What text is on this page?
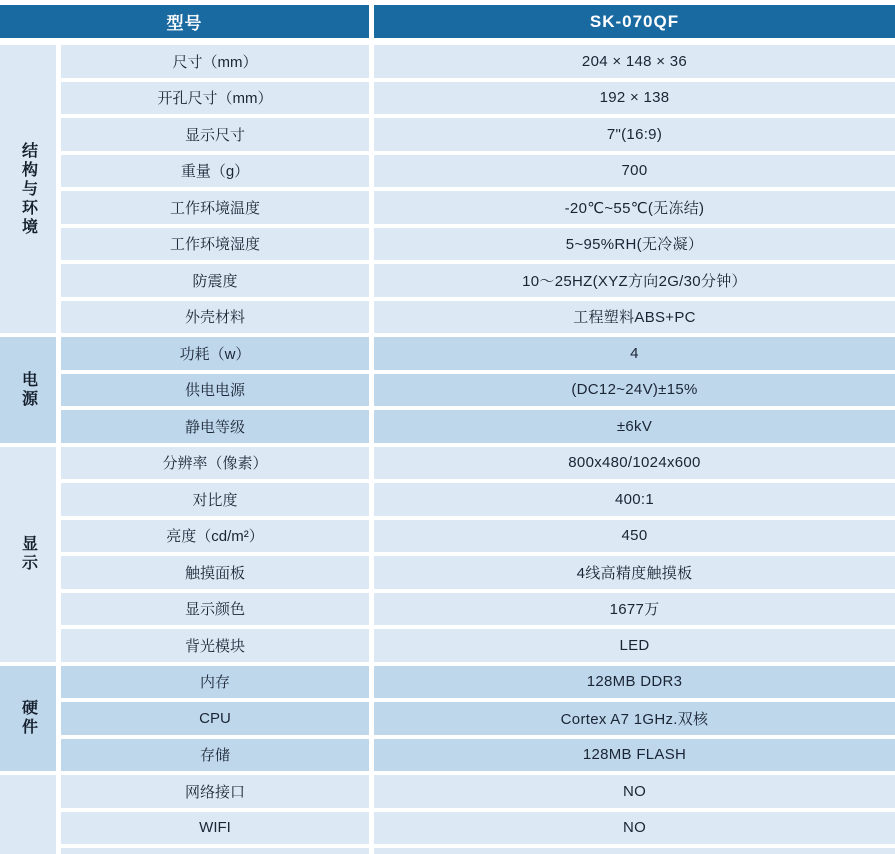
型号	SK-070QF
结构与环境
尺寸（mm）	204 × 148 × 36
开孔尺寸（mm）	192 × 138
显示尺寸	7"(16:9)
重量（g）	700
工作环境温度	-20℃~55℃(无冻结)
工作环境湿度	5~95%RH(无冷凝）
防震度	10～25HZ(XYZ方向2G/30分钟）
外壳材料	工程塑料ABS+PC
电源
功耗（w）	4
供电电源	(DC12~24V)±15%
静电等级	±6kV
显示
分辨率（像素）	800x480/1024x600
对比度	400:1
亮度（cd/m²）	450
触摸面板	4线高精度触摸板
显示颜色	1677万
背光模块	LED
硬件
内存	128MB DDR3
CPU	Cortex A7 1GHz.双核
存储	128MB FLASH
网络接口	NO
WIFI	NO
